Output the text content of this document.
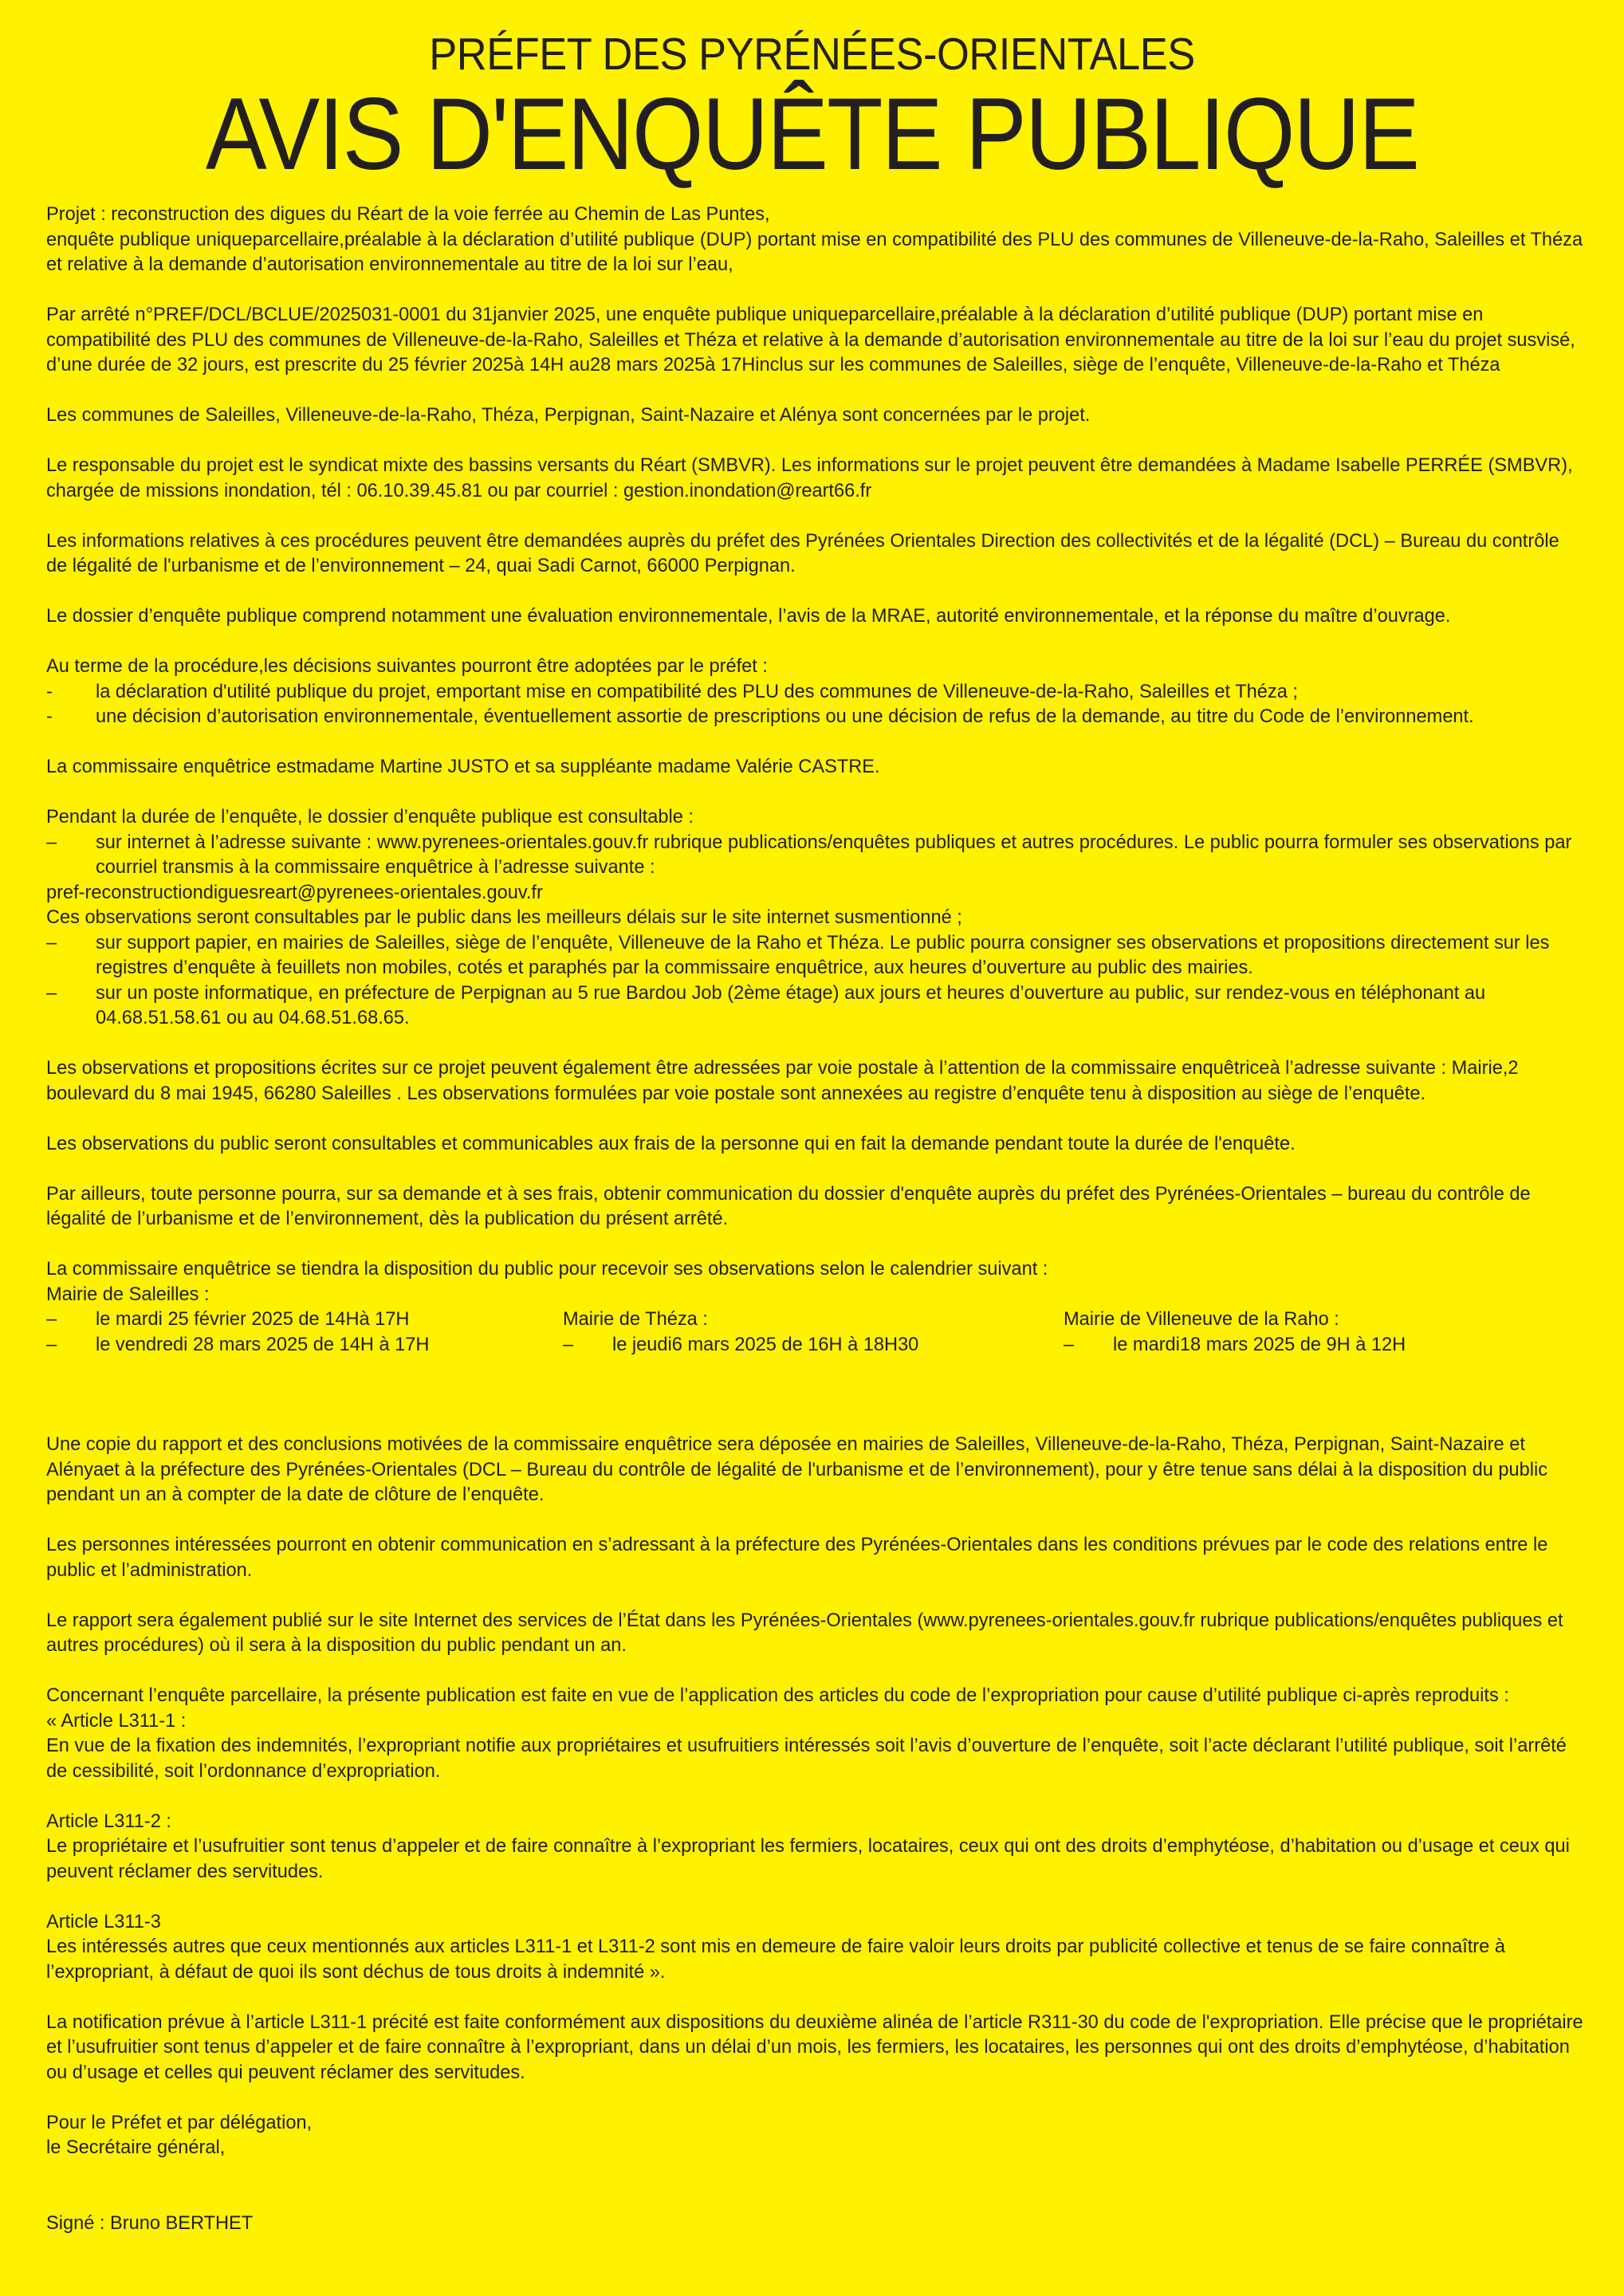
PRÉFET DES PYRÉNÉES-ORIENTALES
AVIS D'ENQUÊTE PUBLIQUE

Projet : reconstruction des digues du Réart de la voie ferrée au Chemin de Las Puntes,

enquête publique uniqueparcellaire,préalable à la déclaration d’utilité publique (DUP) portant mise en compatibilité des PLU des communes de Villeneuve-de-la-Raho, Saleilles et Théza et relative à la demande d’autorisation environnementale au titre de la loi sur l’eau,

Par arrêté n°PREF/DCL/BCLUE/2025031-0001 du 31janvier 2025, une enquête publique uniqueparcellaire,préalable à la déclaration d’utilité publique (DUP) portant mise en compatibilité des PLU des communes de Villeneuve-de-la-Raho, Saleilles et Théza et relative à la demande d’autorisation environnementale au titre de la loi sur l’eau du projet susvisé, d’une durée de 32 jours, est prescrite du 25 février 2025à 14H au28 mars 2025à 17Hinclus sur les communes de Saleilles, siège de l’enquête, Villeneuve-de-la-Raho et Théza

Les communes de Saleilles, Villeneuve-de-la-Raho, Théza, Perpignan, Saint-Nazaire et Alénya sont concernées par le projet.

Le responsable du projet est le syndicat mixte des bassins versants du Réart (SMBVR). Les informations sur le projet peuvent être demandées à Madame Isabelle PERRÉE (SMBVR), chargée de missions inondation, tél : 06.10.39.45.81 ou par courriel : gestion.inondation@reart66.fr

Les informations relatives à ces procédures peuvent être demandées auprès du préfet des Pyrénées Orientales Direction des collectivités et de la légalité (DCL) – Bureau du contrôle de légalité de l'urbanisme et de l’environnement – 24, quai Sadi Carnot, 66000 Perpignan.

Le dossier d’enquête publique comprend notamment une évaluation environnementale, l’avis de la MRAE, autorité environnementale, et la réponse du maître d’ouvrage.

Au terme de la procédure,les décisions suivantes pourront être adoptées par le préfet :

- la déclaration d'utilité publique du projet, emportant mise en compatibilité des PLU des communes de Villeneuve-de-la-Raho, Saleilles et Théza ;
- une décision d’autorisation environnementale, éventuellement assortie de prescriptions ou une décision de refus de la demande, au titre du Code de l’environnement.

La commissaire enquêtrice estmadame Martine JUSTO et sa suppléante madame Valérie CASTRE.

Pendant la durée de l’enquête, le dossier d’enquête publique est consultable :

– sur internet à l’adresse suivante : www.pyrenees-orientales.gouv.fr rubrique publications/enquêtes publiques et autres procédures. Le public pourra formuler ses observations par courriel transmis à la commissaire enquêtrice à l’adresse suivante :

pref-reconstructiondiguesreart@pyrenees-orientales.gouv.fr

Ces observations seront consultables par le public dans les meilleurs délais sur le site internet susmentionné ;

– sur support papier, en mairies de Saleilles, siège de l’enquête, Villeneuve de la Raho et Théza. Le public pourra consigner ses observations et propositions directement sur les registres d’enquête à feuillets non mobiles, cotés et paraphés par la commissaire enquêtrice, aux heures d’ouverture au public des mairies.
– sur un poste informatique, en préfecture de Perpignan au 5 rue Bardou Job (2ème étage) aux jours et heures d’ouverture au public, sur rendez-vous en téléphonant au 04.68.51.58.61 ou au 04.68.51.68.65.

Les observations et propositions écrites sur ce projet peuvent également être adressées par voie postale à l’attention de la commissaire enquêtriceà l’adresse suivante : Mairie,2 boulevard du 8 mai 1945, 66280 Saleilles . Les observations formulées par voie postale sont annexées au registre d’enquête tenu à disposition au siège de l’enquête.

Les observations du public seront consultables et communicables aux frais de la personne qui en fait la demande pendant toute la durée de l'enquête.

Par ailleurs, toute personne pourra, sur sa demande et à ses frais, obtenir communication du dossier d'enquête auprès du préfet des Pyrénées-Orientales – bureau du contrôle de légalité de l’urbanisme et de l’environnement, dès la publication du présent arrêté.

La commissaire enquêtrice se tiendra la disposition du public pour recevoir ses observations selon le calendrier suivant :

Mairie de Saleilles :
– le mardi 25 février 2025 de 14Hà 17H
– le vendredi 28 mars 2025 de 14H à 17H
Mairie de Théza :
– le jeudi6 mars 2025 de 16H à 18H30
Mairie de Villeneuve de la Raho :
– le mardi18 mars 2025 de 9H à 12H

Une copie du rapport et des conclusions motivées de la commissaire enquêtrice sera déposée en mairies de Saleilles, Villeneuve-de-la-Raho, Théza, Perpignan, Saint-Nazaire et Alényaet à la préfecture des Pyrénées-Orientales (DCL – Bureau du contrôle de légalité de l'urbanisme et de l’environnement), pour y être tenue sans délai à la disposition du public pendant un an à compter de la date de clôture de l’enquête.

Les personnes intéressées pourront en obtenir communication en s’adressant à la préfecture des Pyrénées-Orientales dans les conditions prévues par le code des relations entre le public et l’administration.

Le rapport sera également publié sur le site Internet des services de l’État dans les Pyrénées-Orientales (www.pyrenees-orientales.gouv.fr rubrique publications/enquêtes publiques et autres procédures) où il sera à la disposition du public pendant un an.

Concernant l’enquête parcellaire, la présente publication est faite en vue de l’application des articles du code de l’expropriation pour cause d’utilité publique ci-après reproduits :

« Article L311-1 :

En vue de la fixation des indemnités, l’expropriant notifie aux propriétaires et usufruitiers intéressés soit l’avis d’ouverture de l’enquête, soit l’acte déclarant l’utilité publique, soit l’arrêté de cessibilité, soit l’ordonnance d’expropriation.

Article L311-2 :

Le propriétaire et l’usufruitier sont tenus d’appeler et de faire connaître à l’expropriant les fermiers, locataires, ceux qui ont des droits d’emphytéose, d’habitation ou d’usage et ceux qui peuvent réclamer des servitudes.

Article L311-3

Les intéressés autres que ceux mentionnés aux articles L311-1 et L311-2 sont mis en demeure de faire valoir leurs droits par publicité collective et tenus de se faire connaître à l’expropriant, à défaut de quoi ils sont déchus de tous droits à indemnité ».

La notification prévue à l’article L311-1 précité est faite conformément aux dispositions du deuxième alinéa de l’article R311-30 du code de l'expropriation. Elle précise que le propriétaire et l’usufruitier sont tenus d’appeler et de faire connaître à l’expropriant, dans un délai d’un mois, les fermiers, les locataires, les personnes qui ont des droits d’emphytéose, d’habitation ou d’usage et celles qui peuvent réclamer des servitudes.

Pour le Préfet et par délégation,

le Secrétaire général,

Signé : Bruno BERTHET
